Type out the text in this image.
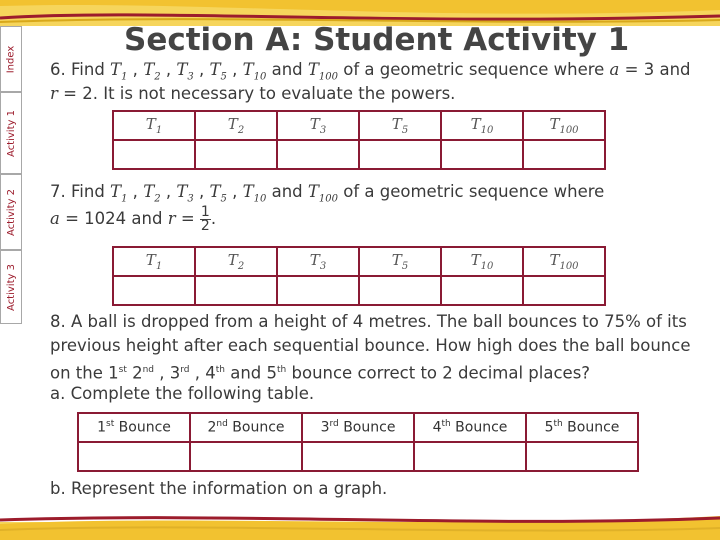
Index
Activity 1
Activity 2
Activity 3
Section A: Student Activity 1
6. Find $T_1$ , $T_2$ , $T_3$ , $T_5$ , $T_{10}$ and $T_{100}$ of a geometric sequence where a = 3 and
r = 2. It is not necessary to evaluate the powers.
$T_1$	$T_2$	$T_3$	$T_5$	$T_{10}$	$T_{100}$

7. Find $T_1$ , $T_2$ , $T_3$ , $T_5$ , $T_{10}$ and $T_{100}$ of a geometric sequence where
a = 1024 and $r = \frac{1}{2}$ .
$T_1$	$T_2$	$T_3$	$T_5$	$T_{10}$	$T_{100}$

8. A ball is dropped from a height of 4 metres. The ball bounces to 75% of its
previous height after each sequential bounce. How high does the ball bounce
on the 1st 2nd , 3rd , 4th and 5th bounce correct to 2 decimal places?
a. Complete the following table.
1st Bounce	2nd Bounce	3rd Bounce	4th Bounce	5th Bounce

b. Represent the information on a graph.
